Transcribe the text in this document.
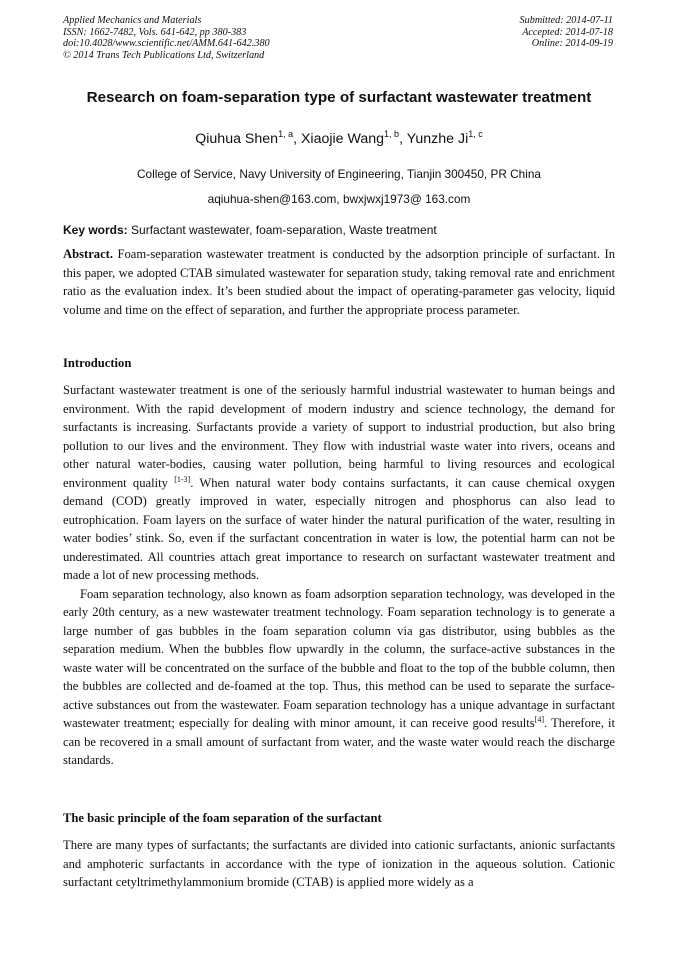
Applied Mechanics and Materials
ISSN: 1662-7482, Vols. 641-642, pp 380-383
doi:10.4028/www.scientific.net/AMM.641-642.380
© 2014 Trans Tech Publications Ltd, Switzerland
Submitted: 2014-07-11
Accepted: 2014-07-18
Online: 2014-09-19
Research on foam-separation type of surfactant wastewater treatment
Qiuhua Shen$^{1, a}$, Xiaojie Wang$^{1, b}$, Yunzhe Ji$^{1, c}$
College of Service, Navy University of Engineering, Tianjin 300450, PR China
aqiuhua-shen@163.com, bwxjwxj1973@ 163.com
Key words: Surfactant wastewater, foam-separation, Waste treatment
Abstract. Foam-separation wastewater treatment is conducted by the adsorption principle of surfactant. In this paper, we adopted CTAB simulated wastewater for separation study, taking removal rate and enrichment ratio as the evaluation index. It’s been studied about the impact of operating-parameter gas velocity, liquid volume and time on the effect of separation, and further the appropriate process parameter.
Introduction

Surfactant wastewater treatment is one of the seriously harmful industrial wastewater to human beings and environment. With the rapid development of modern industry and science technology, the demand for surfactants is increasing. Surfactants provide a variety of support to industrial production, but also bring pollution to our lives and the environment. They flow with industrial waste water into rivers, oceans and other natural water-bodies, causing water pollution, being harmful to living resources and ecological environment quality [1-3]. When natural water body contains surfactants, it can cause chemical oxygen demand (COD) greatly improved in water, especially nitrogen and phosphorus can also lead to eutrophication. Foam layers on the surface of water hinder the natural purification of the water, resulting in water bodies’ stink. So, even if the surfactant concentration in water is low, the potential harm can not be underestimated. All countries attach great importance to research on surfactant wastewater treatment and made a lot of new processing methods.

Foam separation technology, also known as foam adsorption separation technology, was developed in the early 20th century, as a new wastewater treatment technology. Foam separation technology is to generate a large number of gas bubbles in the foam separation column via gas distributor, using bubbles as the separation medium. When the bubbles flow upwardly in the column, the surface-active substances in the waste water will be concentrated on the surface of the bubble and float to the top of the bubble column, then the bubbles are collected and de-foamed at the top. Thus, this method can be used to separate the surface-active substances out from the wastewater. Foam separation technology has a unique advantage in surfactant wastewater treatment; especially for dealing with minor amount, it can receive good results[4]. Therefore, it can be recovered in a small amount of surfactant from water, and the waste water would reach the discharge standards.

The basic principle of the foam separation of the surfactant

There are many types of surfactants; the surfactants are divided into cationic surfactants, anionic surfactants and amphoteric surfactants in accordance with the type of ionization in the aqueous solution. Cationic surfactant cetyltrimethylammonium bromide (CTAB) is applied more widely as a
